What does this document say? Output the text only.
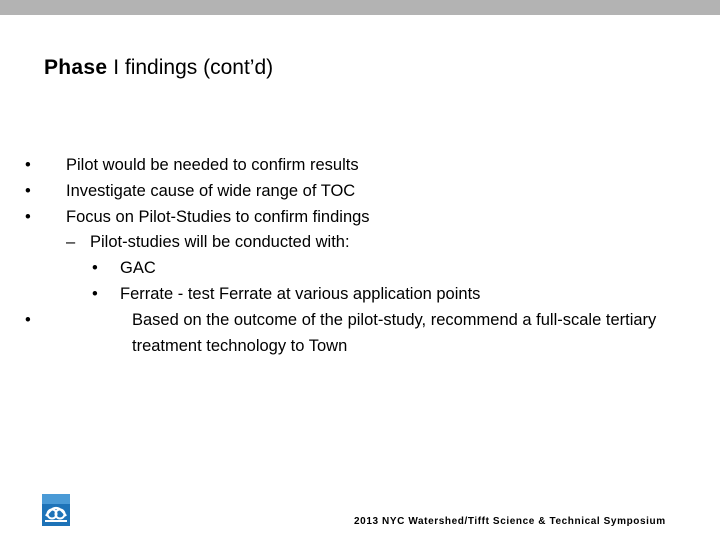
Phase I findings (cont’d)
• Pilot would be needed to confirm results
• Investigate cause of wide range of TOC
• Focus on Pilot-Studies to confirm findings
– Pilot-studies will be conducted with:
• GAC
• Ferrate - test Ferrate at various application points
•	Based on the outcome of the pilot-study, recommend a full-scale tertiary treatment technology to Town
2013 NYC Watershed/Tifft Science & Technical Symposium
